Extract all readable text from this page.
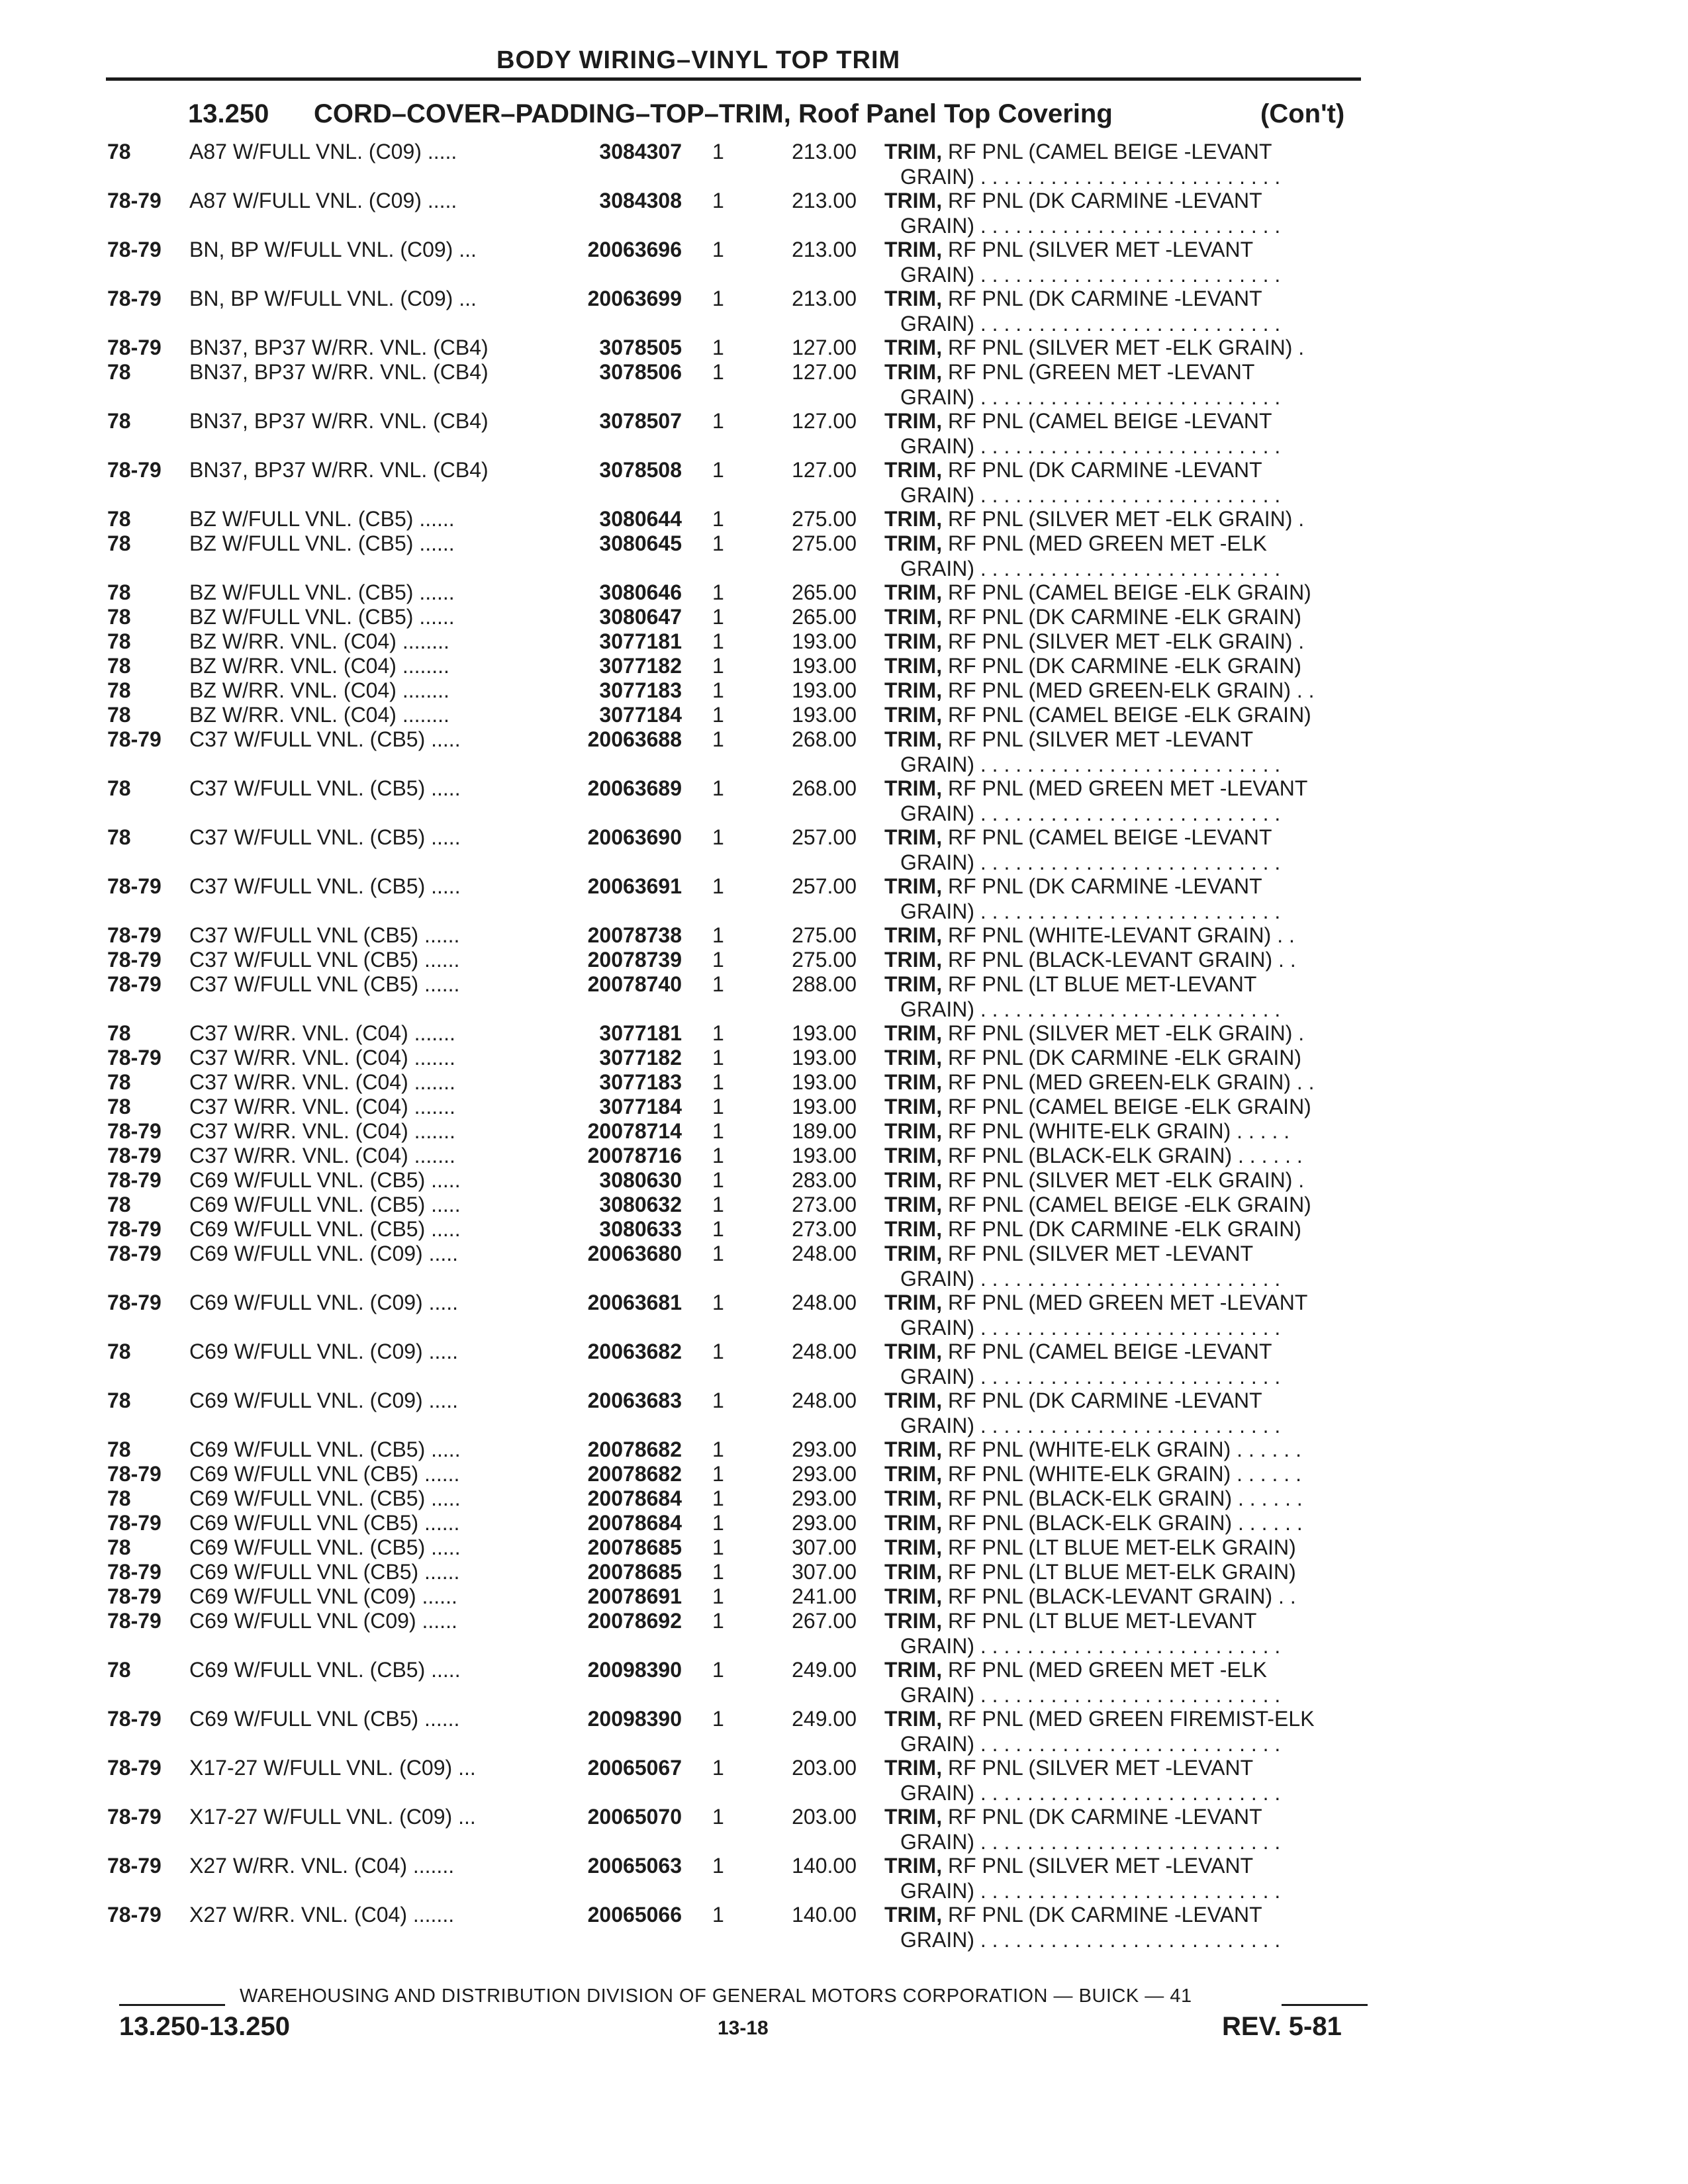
BODY WIRING–VINYL TOP TRIM
13.250	CORD–COVER–PADDING–TOP–TRIM, Roof Panel Top Covering	(Con't)
78	A87 W/FULL VNL. (C09) .....	3084307 1	213.00 TRIM, RF PNL (CAMEL BEIGE -LEVANT
GRAIN) . . . . . . . . . . . . . . . . . . . . . . . . . .
78-79 A87 W/FULL VNL. (C09) .....	3084308 1	213.00 TRIM, RF PNL (DK CARMINE -LEVANT
GRAIN) . . . . . . . . . . . . . . . . . . . . . . . . . .
78-79 BN, BP W/FULL VNL. (C09) ...	20063696 1	213.00 TRIM, RF PNL (SILVER MET -LEVANT
GRAIN) . . . . . . . . . . . . . . . . . . . . . . . . . .
78-79 BN, BP W/FULL VNL. (C09) ...	20063699 1	213.00 TRIM, RF PNL (DK CARMINE -LEVANT
GRAIN) . . . . . . . . . . . . . . . . . . . . . . . . . .
78-79 BN37, BP37 W/RR. VNL. (CB4)	3078505 1	127.00 TRIM, RF PNL (SILVER MET -ELK GRAIN) .
78	BN37, BP37 W/RR. VNL. (CB4)	3078506 1	127.00 TRIM, RF PNL (GREEN MET -LEVANT
GRAIN) . . . . . . . . . . . . . . . . . . . . . . . . . .
78	BN37, BP37 W/RR. VNL. (CB4)	3078507 1	127.00 TRIM, RF PNL (CAMEL BEIGE -LEVANT
GRAIN) . . . . . . . . . . . . . . . . . . . . . . . . . .
78-79 BN37, BP37 W/RR. VNL. (CB4)	3078508 1	127.00 TRIM, RF PNL (DK CARMINE -LEVANT
GRAIN) . . . . . . . . . . . . . . . . . . . . . . . . . .
78	BZ W/FULL VNL. (CB5) ......	3080644 1	275.00 TRIM, RF PNL (SILVER MET -ELK GRAIN) .
78	BZ W/FULL VNL. (CB5) ......	3080645 1	275.00 TRIM, RF PNL (MED GREEN MET -ELK
GRAIN) . . . . . . . . . . . . . . . . . . . . . . . . . .
78	BZ W/FULL VNL. (CB5) ......	3080646 1	265.00 TRIM, RF PNL (CAMEL BEIGE -ELK GRAIN)
78	BZ W/FULL VNL. (CB5) ......	3080647 1	265.00 TRIM, RF PNL (DK CARMINE -ELK GRAIN)
78	BZ W/RR. VNL. (C04) ........	3077181 1	193.00 TRIM, RF PNL (SILVER MET -ELK GRAIN) .
78	BZ W/RR. VNL. (C04) ........	3077182 1	193.00 TRIM, RF PNL (DK CARMINE -ELK GRAIN)
78	BZ W/RR. VNL. (C04) ........	3077183 1	193.00 TRIM, RF PNL (MED GREEN-ELK GRAIN) . .
78	BZ W/RR. VNL. (C04) ........	3077184 1	193.00 TRIM, RF PNL (CAMEL BEIGE -ELK GRAIN)
78-79 C37 W/FULL VNL. (CB5) .....	20063688 1	268.00 TRIM, RF PNL (SILVER MET -LEVANT
GRAIN) . . . . . . . . . . . . . . . . . . . . . . . . . .
78	C37 W/FULL VNL. (CB5) .....	20063689 1	268.00 TRIM, RF PNL (MED GREEN MET -LEVANT
GRAIN) . . . . . . . . . . . . . . . . . . . . . . . . . .
78	C37 W/FULL VNL. (CB5) .....	20063690 1	257.00 TRIM, RF PNL (CAMEL BEIGE -LEVANT
GRAIN) . . . . . . . . . . . . . . . . . . . . . . . . . .
78-79 C37 W/FULL VNL. (CB5) .....	20063691 1	257.00 TRIM, RF PNL (DK CARMINE -LEVANT
GRAIN) . . . . . . . . . . . . . . . . . . . . . . . . . .
78-79 C37 W/FULL VNL (CB5) ......	20078738 1	275.00 TRIM, RF PNL (WHITE-LEVANT GRAIN) . .
78-79 C37 W/FULL VNL (CB5) ......	20078739 1	275.00 TRIM, RF PNL (BLACK-LEVANT GRAIN) . .
78-79 C37 W/FULL VNL (CB5) ......	20078740 1	288.00 TRIM, RF PNL (LT BLUE MET-LEVANT
GRAIN) . . . . . . . . . . . . . . . . . . . . . . . . . .
78	C37 W/RR. VNL. (C04) .......	3077181 1	193.00 TRIM, RF PNL (SILVER MET -ELK GRAIN) .
78-79 C37 W/RR. VNL. (C04) .......	3077182 1	193.00 TRIM, RF PNL (DK CARMINE -ELK GRAIN)
78	C37 W/RR. VNL. (C04) .......	3077183 1	193.00 TRIM, RF PNL (MED GREEN-ELK GRAIN) . .
78	C37 W/RR. VNL. (C04) .......	3077184 1	193.00 TRIM, RF PNL (CAMEL BEIGE -ELK GRAIN)
78-79 C37 W/RR. VNL. (C04) .......	20078714 1	189.00 TRIM, RF PNL (WHITE-ELK GRAIN) . . . . .
78-79 C37 W/RR. VNL. (C04) .......	20078716 1	193.00 TRIM, RF PNL (BLACK-ELK GRAIN) . . . . . .
78-79 C69 W/FULL VNL. (CB5) .....	3080630 1	283.00 TRIM, RF PNL (SILVER MET -ELK GRAIN) .
78	C69 W/FULL VNL. (CB5) .....	3080632 1	273.00 TRIM, RF PNL (CAMEL BEIGE -ELK GRAIN)
78-79 C69 W/FULL VNL. (CB5) .....	3080633 1	273.00 TRIM, RF PNL (DK CARMINE -ELK GRAIN)
78-79 C69 W/FULL VNL. (C09) .....	20063680 1	248.00 TRIM, RF PNL (SILVER MET -LEVANT
GRAIN) . . . . . . . . . . . . . . . . . . . . . . . . . .
78-79 C69 W/FULL VNL. (C09) .....	20063681 1	248.00 TRIM, RF PNL (MED GREEN MET -LEVANT
GRAIN) . . . . . . . . . . . . . . . . . . . . . . . . . .
78	C69 W/FULL VNL. (C09) .....	20063682 1	248.00 TRIM, RF PNL (CAMEL BEIGE -LEVANT
GRAIN) . . . . . . . . . . . . . . . . . . . . . . . . . .
78	C69 W/FULL VNL. (C09) .....	20063683 1	248.00 TRIM, RF PNL (DK CARMINE -LEVANT
GRAIN) . . . . . . . . . . . . . . . . . . . . . . . . . .
78	C69 W/FULL VNL. (CB5) .....	20078682 1	293.00 TRIM, RF PNL (WHITE-ELK GRAIN) . . . . . .
78-79 C69 W/FULL VNL (CB5) ......	20078682 1	293.00 TRIM, RF PNL (WHITE-ELK GRAIN) . . . . . .
78	C69 W/FULL VNL. (CB5) .....	20078684 1	293.00 TRIM, RF PNL (BLACK-ELK GRAIN) . . . . . .
78-79 C69 W/FULL VNL (CB5) ......	20078684 1	293.00 TRIM, RF PNL (BLACK-ELK GRAIN) . . . . . .
78	C69 W/FULL VNL. (CB5) .....	20078685 1	307.00 TRIM, RF PNL (LT BLUE MET-ELK GRAIN)
78-79 C69 W/FULL VNL (CB5) ......	20078685 1	307.00 TRIM, RF PNL (LT BLUE MET-ELK GRAIN)
78-79 C69 W/FULL VNL (C09) ......	20078691 1	241.00 TRIM, RF PNL (BLACK-LEVANT GRAIN) . .
78-79 C69 W/FULL VNL (C09) ......	20078692 1	267.00 TRIM, RF PNL (LT BLUE MET-LEVANT
GRAIN) . . . . . . . . . . . . . . . . . . . . . . . . . .
78	C69 W/FULL VNL. (CB5) .....	20098390 1	249.00 TRIM, RF PNL (MED GREEN MET -ELK
GRAIN) . . . . . . . . . . . . . . . . . . . . . . . . . .
78-79 C69 W/FULL VNL (CB5) ......	20098390 1	249.00 TRIM, RF PNL (MED GREEN FIREMIST-ELK
GRAIN) . . . . . . . . . . . . . . . . . . . . . . . . . .
78-79 X17-27 W/FULL VNL. (C09) ...	20065067 1	203.00 TRIM, RF PNL (SILVER MET -LEVANT
GRAIN) . . . . . . . . . . . . . . . . . . . . . . . . . .
78-79 X17-27 W/FULL VNL. (C09) ...	20065070 1	203.00 TRIM, RF PNL (DK CARMINE -LEVANT
GRAIN) . . . . . . . . . . . . . . . . . . . . . . . . . .
78-79 X27 W/RR. VNL. (C04) .......	20065063 1	140.00 TRIM, RF PNL (SILVER MET -LEVANT
GRAIN) . . . . . . . . . . . . . . . . . . . . . . . . . .
78-79 X27 W/RR. VNL. (C04) .......	20065066 1	140.00 TRIM, RF PNL (DK CARMINE -LEVANT
GRAIN) . . . . . . . . . . . . . . . . . . . . . . . . . .
WAREHOUSING AND DISTRIBUTION DIVISION OF GENERAL MOTORS CORPORATION — BUICK — 41
13.250-13.250	13-18	REV. 5-81
